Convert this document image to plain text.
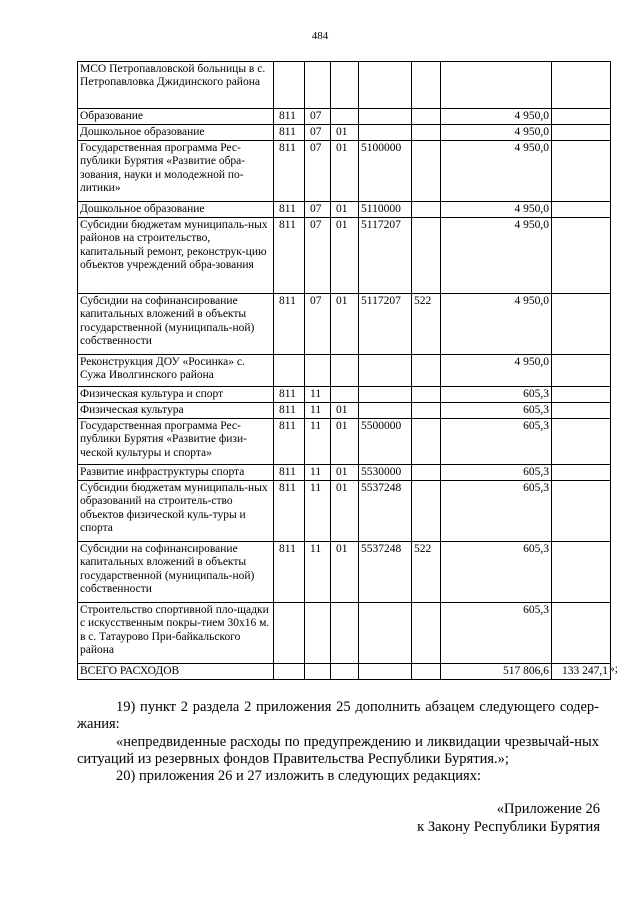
484
МСО Петропавловской больницы в с. Петропавловка Джидинского района							
Образование	811	07				4 950,0	
Дошкольное образование	811	07	01			4 950,0	
Государственная программа Рес-публики Бурятия «Развитие обра-зования, науки и молодежной по-литики»	811	07	01	5100000		4 950,0	
Дошкольное образование	811	07	01	5110000		4 950,0	
Субсидии бюджетам муниципаль-ных районов на строительство, капитальный ремонт, реконструк-цию объектов учреждений обра-зования	811	07	01	5117207		4 950,0	
Субсидии на софинансирование капитальных вложений в объекты государственной (муниципаль-ной) собственности	811	07	01	5117207	522	4 950,0	
Реконструкция ДОУ «Росинка» с. Сужа Иволгинского района						4 950,0	
Физическая культура и спорт	811	11				605,3	
Физическая культура	811	11	01			605,3	
Государственная программа Рес-публики Бурятия «Развитие физи-ческой культуры и спорта»	811	11	01	5500000		605,3	
Развитие инфраструктуры спорта	811	11	01	5530000		605,3	
Субсидии бюджетам муниципаль-ных образований на строитель-ство объектов физической куль-туры и спорта	811	11	01	5537248		605,3	
Субсидии на софинансирование капитальных вложений в объекты государственной (муниципаль-ной) собственности	811	11	01	5537248	522	605,3	
Строительство спортивной пло-щадки с искусственным покры-тием 30х16 м. в с. Татаурово При-байкальского района						605,3	
ВСЕГО РАСХОДОВ						517 806,6	133 247,1 »;
19) пункт 2 раздела 2 приложения 25 дополнить абзацем следующего содер-жания:
«непредвиденные расходы по предупреждению и ликвидации чрезвычай-ных ситуаций из резервных фондов Правительства Республики Бурятия.»;
20) приложения 26 и 27 изложить в следующих редакциях:
«Приложение 26
к Закону Республики Бурятия
